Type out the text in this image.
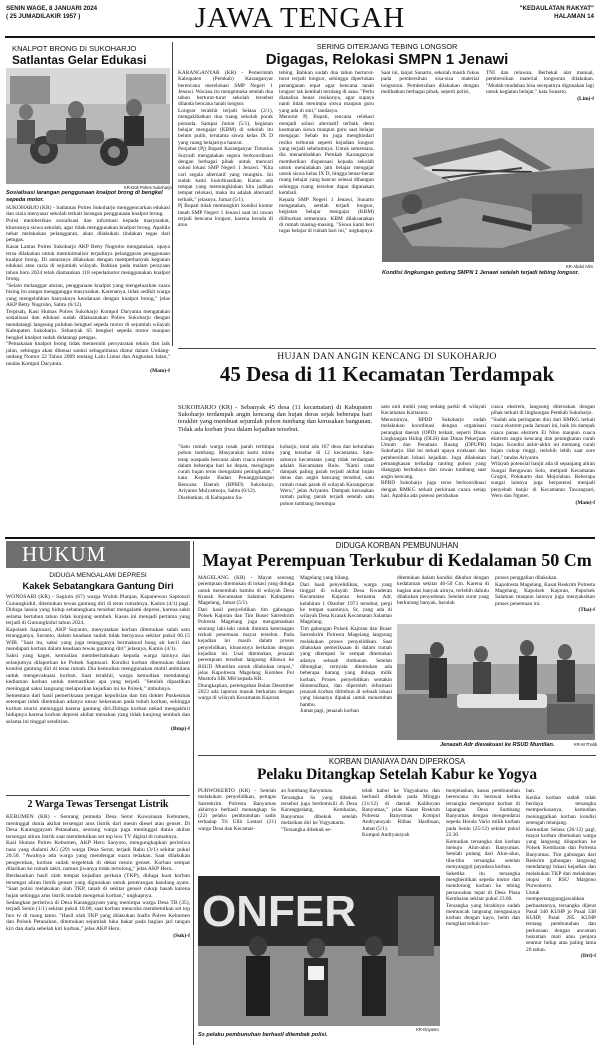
SENIN WAGE, 8 JANUARI 2024
( 25 JUMADILAKIR 1957 )	JAWA TENGAH	"KEDAULATAN RAKYAT"
HALAMAN 14
KNALPOT BRONG DI SUKOHARJO
Satlantas Gelar Edukasi
KR-Dok Polres Sukoharjo
Sosialisasi larangan penggunaan knalpot brong di bengkel sepeda motor.

SUKOHARJO (KR) - Satlantas Polres Sukoharjo menggencarkan edukasi dan razia menyasar sekolah terkait larangan penggunaan knalpot brong.

Polisi memberikan sosialisasi dan informasi kepada masyarakat, khususnya siswa sekolah, agar tidak menggunakan knalpot brong. Apabila nekat melakukan pelanggaran, akan dilakukan tindakan tegas dari petugas.

Kasat Lantas Polres Sukoharjo AKP Betty Nugroho mengatakan, upaya tersa dilakukan untuk meminimalisir terjadinya pelanggaran penggunaan knalpot brong. Di antaranya dilakukan dengan memperbanyak kegiatan edukasi atau razia di sejumlah wilayah. Bahkan pada malam perayaan tahun baru 2024 telah diamankan 118 sepedamotor menggunakan knalpot brong.

"Selain melanggar aturan, penggunaan knalpot yang mengeluarkan suara bising itu sangat mengganggu masyarakat. Karenanya, tidak sedikit warga yang mengeluhkan banyaknya kendaraan dengan knalpot brong," jelas AKP Betty Nugroho, Sabtu (6/12).

Terpisah, Kasi Humas Polres Sukoharjo Kompol Daryanta mengatakan sosialisasi dan edukasi sudah dilaksanakan Polres Sukoharjo dengan mendatangi langsung puluhan bengkel sepeda motor di sejumlah wilayah Kabupaten Sukoharjo. Sebanyak 65 bengkel sepeda motor maupun bengkel knalpot sudah didatangi petugas.

"Pemakaian knalpot brong tidak memenuhi persyaratan teknis dan laik jalan, sehingga akan dikenai sanksi sebagaimana diatur dalam Undang-undang Nomor 22 Tahun 2009 tentang Lalu Lintas dan Angkutan Jalan," tandas Kompol Daryanta.

(Mam)-f
SERING DITERJANG TEBING LONGSOR
Digagas, Relokasi SMPN 1 Jenawi

KARANGANYAR (KR) - Pemerintah Kabupaten (Pemkab) Karanganyar berencana merelokasi SMP Negeri 1 Jenawi. Wacana itu mengemuka setelah dua tahun berturut-turut sekolah tersebut dilanda bencana tanah longsor.

Longsor terakhir terjadi Selasa (2/1), mengakibatkan dua ruang sekolah porak poranda. Sampai Jumat (5/1), kegiatan belajar mengajar (KBM) di sekolah itu belum pulih, terutama siswa kelas IX D yang ruang belajarnya hancur.

Penjabat (Pj) Bupati Karanganyar Timotius Suryadi mengatakan segera berkoordinasi dengan berbagai pihak untuk mencari solusi lokasi SMP Negeri 1 Jenawi. "Kita cari segala alternatif yang mungkin. Ini sudah kami koordinasikan. Kalau ada tempat yang memungkinkan kita jadikan tempat relokasi, maka itu adalah alternatif terbaik," jelasnya, Jumat (5/1).

Pj Bupati tidak memungkiri kondisi kontur tanah SMP Negeri 1 Jenawi saat ini rawan terjadi bencana longsor, karena berada di area

tebing. Bahkan sudah dua tahun berturut-turut terjadi longsor, sehingga diperlukan penanganan tepat agar bencana tanah longsor tak kembali terulang di sana. "Perlu dianalisa benar resikonya, agar supaya nanti tidak menimpa siswa maupun guru yang ada di sini," tandasya.

Menurut Pj Bupati, rencana relokasi menjadi solusi alternatif terbaik demi keamanan siswa maupun guru saat belajar mengajar. Sebab itu juga menghindari resiko terburuk seperti kejadian longsor yang terjadi sebelumnya. Untuk sementara, dia menambahkan Pemkab Karanganyar memberikan dispensasi kepada sekolah untuk meniadakan jam belajar mengajar untuk siswa kelas IX D, hingga benar-benar ruang belajar yang hancur selesai dibangun sehingga ruang tersebut dapat digunakan kembali.

Kepala SMP Negeri 1 Jenawi, Sunarto mengatakan, setelah terjadi longsor, kegiatan belajar mengajar (KBM) diliburkan sementara. KBM dilaksanakan di rumah masing-masing. "Siswa kami beri tugas belajar di rumah hari ini," ungkapnya.

Saat ini, lanjut Sunarto, sekolah masih fokus pada pembersihan sisa-sisa material longsoran. Pembersihan dilakukan dengan melibatkan berbagai pihak, seperti polisi,

TNI dan relawan. Berbekal alat manual, pembersihan material longsoran dilakukan. "Mudah-mudahan bisa secepatnya digunakan lagi untuk kegiatan belajar," kata Sunarto.

(Lim)-f
KR-Abdul Alim
Kondisi lingkungan gedung SMPN 1 Jenawi setelah terjadi tebing longsor.
HUJAN DAN ANGIN KENCANG DI SUKOHARJO
45 Desa di 11 Kecamatan Terdampak
SUKOHARJO (KR) - Sebanyak 45 desa (11 kecamatan) di Kabupaten Sukoharjo terdampak angin kencang dan hujan deras sejak beberapa hari terakhir yang membuat sejumlah pohon tumbang dan kerusakan bangunan. Tidak ada korban jiwa dalam kejadian tersebut.

"Satu rumah warga rusak parah tertimpa pohon tumbang. Masyarakat kami minta tetap waspada bencana alam cuaca ekstrem dalam beberapa hari ke depan, mengingat curah hujan terus mengalami peningkatan," kata Kepala Badan Penanggulangan Bencana Daerah (BPBD) Sukoharjo, Ariyanto Mulyatmojo, Sabtu (6/12).

Disebutkan, di Kabupaten Su-

koharjo, total ada 167 desa dan kelurahan yang tersebar di 12 kecamatan. Satu-satunya kecamatan yang tidak terdampak adalah Kecamatan Bulu. "Kami catat dampak paling parah terjadi akibat hujan deras dan angin kencang tersebut, satu rumah rusak parah di wilayah Karanganyar Weru," jelas Ariyanto. Dampak kerusakan rumah paling parah terjadi setelah satu pohon tumbang menimpa

satu unit mobil yang sedang parkir di wilayah Kecamatan Kartasura.

Menurutnya, BPBD Sukoharjo sudah melakukan koordinasi dengan organisasi perangkat daerah (OPD) terkait, seperti Dinas Lingkungan Hidup (DLH) dan Dinas Pekerjaan Umum dan Penataan Ruang (DPUPR) Sukoharjo. Hal ini terkait upaya evakuasi dan pembersihan lokasi kejadian. Juga dilakukan pemangkasan terhadap ranting pohon yang dianggap berbahaya dan rawan tumbang saat angin kencang.

BPBD Sukoharjo juga terus berkoordinasi dengan BMKG terkait perkiraan cuaca setiap hari. Apabila ada potensi perubahan

cuaca ekstrem, langsung diteruskan dengan pihak terkait di lingkungan Pemkab Sukoharjo.

"Sudah ada peringatan dini dari BMKG terkait cuaca ekstrem pada Januari ini, baik itu dampak cuaca panas ekstrem El Nino maupun cuaca ekstrem angin kencang dan peningkatan curah hujan. Kondisi akhir-akhir ini memang curah hujan cukup tinggi, terlebih lebih saat sore hari," tandas Ariyanto.

Wilayah potensial banjir ada di sepanjang aliran Sungai Bengawan Solo, meliputi Kecamatan Grogol, Polokarto dan Mojolaban. Beberapa sungai lainnya juga berpotensi menjadi penyebab banjir di Kecamatan Tawangsari, Weru dan Nguter.

(Mam)-f
HUKUM
DIDUGA MENGALAMI DEPRESI
Kakek Sebatangkara Gantung Diri

WONOSARI (KR) - Saginin (67) warga Wuluh Planjan, Kapanewon Saptosari Gunungkidul, ditemukan tewas gantung diri di teras rumahnya, Kamis (4/1) pagi. Diduga lansia yang hidup sebatangkara tersebut mengalami depresi, karena sakit selama bertahun tahun tidak kunjung sembuh. Kasus ini menjadi pertama yang terjadi di Gunungkidul tahun 2024.

Kapolsek Saptosari, AKP Suyanto, menyatakan korban ditemukan salah satu tetangganya, Suranto, dalam keadaan sudah tidak bernyawa sekitar pukul 06.15 WIB. "Saat itu, saksi yang juga tetangganya bermaksud hung air kecil dan mendapati korban dalam keadaan tewas gantung diri" jelasnya, Kamis (4/1).

Saksi yang kaget, kemudian memberitahukan kepada warga lainnya dan selanjutnya dilaporkan ke Polsek Saptosari. Kondisi korban ditemukan dalam kondisi gantung diri di teras rumah. Dia kemudian menggunakan mobil ambulans untuk mengevakuasi korban. Saat terakhir, warga kemudian mendatangi kediaman korban untuk memastikan apa yang terjadi. "Setelah dipastikan meninggal saksi langsung melaporkan kejadian ini ke Polsek," imbuhnya.

Sementara dari hasil pemeriksaan petugas kepolisian dan tim dokter Puskesmas setempat tidak ditemukan adanya unsur kekerasan pada tubuh korban, sehingga korban murni meninggal karena gantung diri.Diduga korban nekad mengakhiri hidupnya karena korban depresi akibat menahan yang tidak kunjung sembuh dan selama ini tinggal sendirian.

(Bmp)-f
2 Warga Tewas Tersengat Listrik

KEBUMEN (KR) - Seorang pemuda Desa Serut Kuwarasan Kebumen, meninggal dunia akibat tersengat arus listrik dari mesin diesel atau genset. Di Desa Karanggayam Petanahan, seorang warga juga meninggal dunia akibat tersengat aliran listrik saat membetulkan set top box TV digital di rumahnya.

Kasi Humas Polres Kebumen, AKP Heru Sanyoto, mengungkapkan peristiwa naas yang dialami AG (29) warga Desa Serut, terjadi Rabu (3/1) sekitar pukul 20.50. "Awalnya ada warga yang mendengar suara ledakan. Saat dilakukan pengecekan, korban sudah tergeletak di dekat mesin genset. Korban sempat dilarikan ke rumah sakit, namun jiwanya tidak tertolong," jelas AKP Heru.

Berdasarkan hasil olah tempat kejadian perkara (TKP), diduga kuat korban tersengat aliran listrik genset yang digunakan untuk penerangan kandang ayam. "Saat polisi melakukan olah TKP, tanah di sekitar genset cukup basah karena hujan sehingga arus listrik mudah mengenai korban," ungkapnya.

Sedangkan peristiwa di Desa Karanggayam yang menimpa warga Desa TB (35), terjadi Senin (1/1) sekitar pukul 10.00, saat korban mencoba membetulkan set top box tv di ruang tamu. "Hasil olah TKP yang dilakukan Inafis Polres Kebumen dan Polsek Petanahan, ditemukan sejumlah luka bakar pada bagian jari tangan kiri dan dada sebelah kiri korban," jelas AKP Heru.

(Suk)-f
DIDUGA KORBAN PEMBUNUHAN
Mayat Perempuan Terkubur di Kedalaman 50 Cm

MAGELANG (KR) - Mayat seorang perempuan ditemukan di lokasi yang diduga untuk menembuh bambu di wilayah Desa Krasak Kecamatan Salaman Kabupaten Magelang, Jumat (5/1).

Dari hasil penyelidikan tim gabungan Polsek Kajoran dan Tim Buser Satreskrim Polresta Magelang juga mengamankan seorang laki-laki untuk diminta keterangan terkait penemuan mayat tersebut. Pada kejadian ini masih dalam proses penyelidikan, khususnya berkaitan dengan kejadian ini. Usai ditemukan, jenazah perempuan tersebut langsung dibawa ke RSUD Muntilan untuk dilakukan otopsi," jelas Kapolresta Magelang Kombes Pol Mustofa SIK MH kepada KR.

Diungkapkan, pertengahan Bulan Desember 2023 ada laporan masuk berkaitan dengan warga di wilayah Kecamatan Kajoran

Magelang yang hilang.

Dari hasil penyelidikan, warga yang tinggal di wilayah Desa Kwaderan Kecamatan Kajoran bernama Adr, kelahiran 1 Oktober 1973 tersebut, pergi ke tempat suaminya, Sr, yang ada di wilayah Desa Krasak Kecamatan Salaman Magelang.

Tim gabungan Polsek Kajoran dan Buser Satreskrim Polresta Magelang langsung melakukan proses penyelidikan. Saat dilakukan pemeriksaan di dalam rumah yang ditempati Sr sempat ditemukan adanya sebuah timbunan. Setelah dibongkar, ternyata ditemukan ada beberapa barang yang diduga milik korban. Proses penyelidikan semakin diintensifkan, dan diperoleh informasi jenazah korban ditimbun di sebuah lokasi yang biasanya dipakai untuk menembun bambu.

Jumat pagi, jenazah korban

ditemukan dalam kondisi dikubur dengan kedalaman sekitar 40-50 Cm. Karena di bagian atas banyak airnya, terlebih dahulu dilakukan penyedotan. Setelah surut yang berkurang banyak, barulah

proses penggalian dilakukan.

Kapolresta Magelang, Kasat Reskrim Polresta Magelang, Kapolsek Kajoran, Papolsek Salaman maupun lainnya juga menyaksikan proses penemuan ini.

(Tha)-f
KR-M Tholib
Jenazah Adr dievakuasi ke RSUD Muntilan.
KORBAN DIANIAYA DAN DIPERKOSA
Pelaku Ditangkap Setelah Kabur ke Yogya

PURWOKERTO (KR) - Setelah melakukan penyelidikan, petugas Satreskrim Polresta Banyumas akhirnya berhasil menangkap Ss (22) pelaku pembunuhan sadis terhadap Tri Ulih Lestari (21) warga Desa dan Kecamat-

an Sumbang Banyumas.

Tersangka Ss yang dibekuk tersebut juga berdomisili di Desa Karanggedang, Kembaran, Banyumas dibekuk setelah melarikan diri ke Yogyakarta.

"Tersangka dibekuk se-

telah kabur ke Yogyakarta dan berhasil dibekuk pada Minggu (31/12) di daerah Kaliboyan Banyumas," jelas Kasat Reskrim Polresta Banyumas Kompol Andryansyah Rithas Hasibuan, Jumat (5/1).

Kompol Andryansyah

menjelaskan, kasus pembunuhan berencana itu berawal ketika tersangka menjemput korban di lapangan Desa Sumbang Banyumas dengan mengendarai sepeda Honda Vario milik korban pada Senin (25/12) sekitar pukul 22.30.

Kemudian tersangka dan korban menuju Alun-alun Banyumas. Setelah pulang dari Alun-alun, tiba-tiba tersangka setelah menyanggol payudara korban.

Seketika itu tersangka menghentikan sepeda motor dan mendorong korban ke tebing persawahan tepat di Desa Piasa Kembaran sekitar pukul 23.00.

Tersangka yang birahinya sudah memuncak langsung menganiaya korban dengan kayu, helm dan mengikat tubuh kor-

ban.

Ketika korban sudah tidak berdaya tersangka memperkosanya, kemudian meninggalkan korban kondisi setengah telanjang.

Kemudian Selasa (26/12) pagi, mayat korban ditemukan warga yang langsung dilaporkan ke Polsek Kembaran dan Polresta Banyumas. Tim gabungan dari Reskrim gabungan langsung mendatangi lokasi kejadian dan melakukan TKP dan melakukan otopsi di RSU Margono Purwokerto.

Untuk mempertanggungjawabkan perbuatannya, tersangka dijerat Pasal 340 KUHP jo Pasal 338 KUHP, Pasal 285 KUHP tentang pembunuhan dan perkosaan dengan ancaman hukuman mati atau penjara seumur hidup atau paling lama 20 tahun.

(Dri)-f
ONFER
KR-Driyanto
Ss pelaku pembunuhan berhasil ditembak polisi.
